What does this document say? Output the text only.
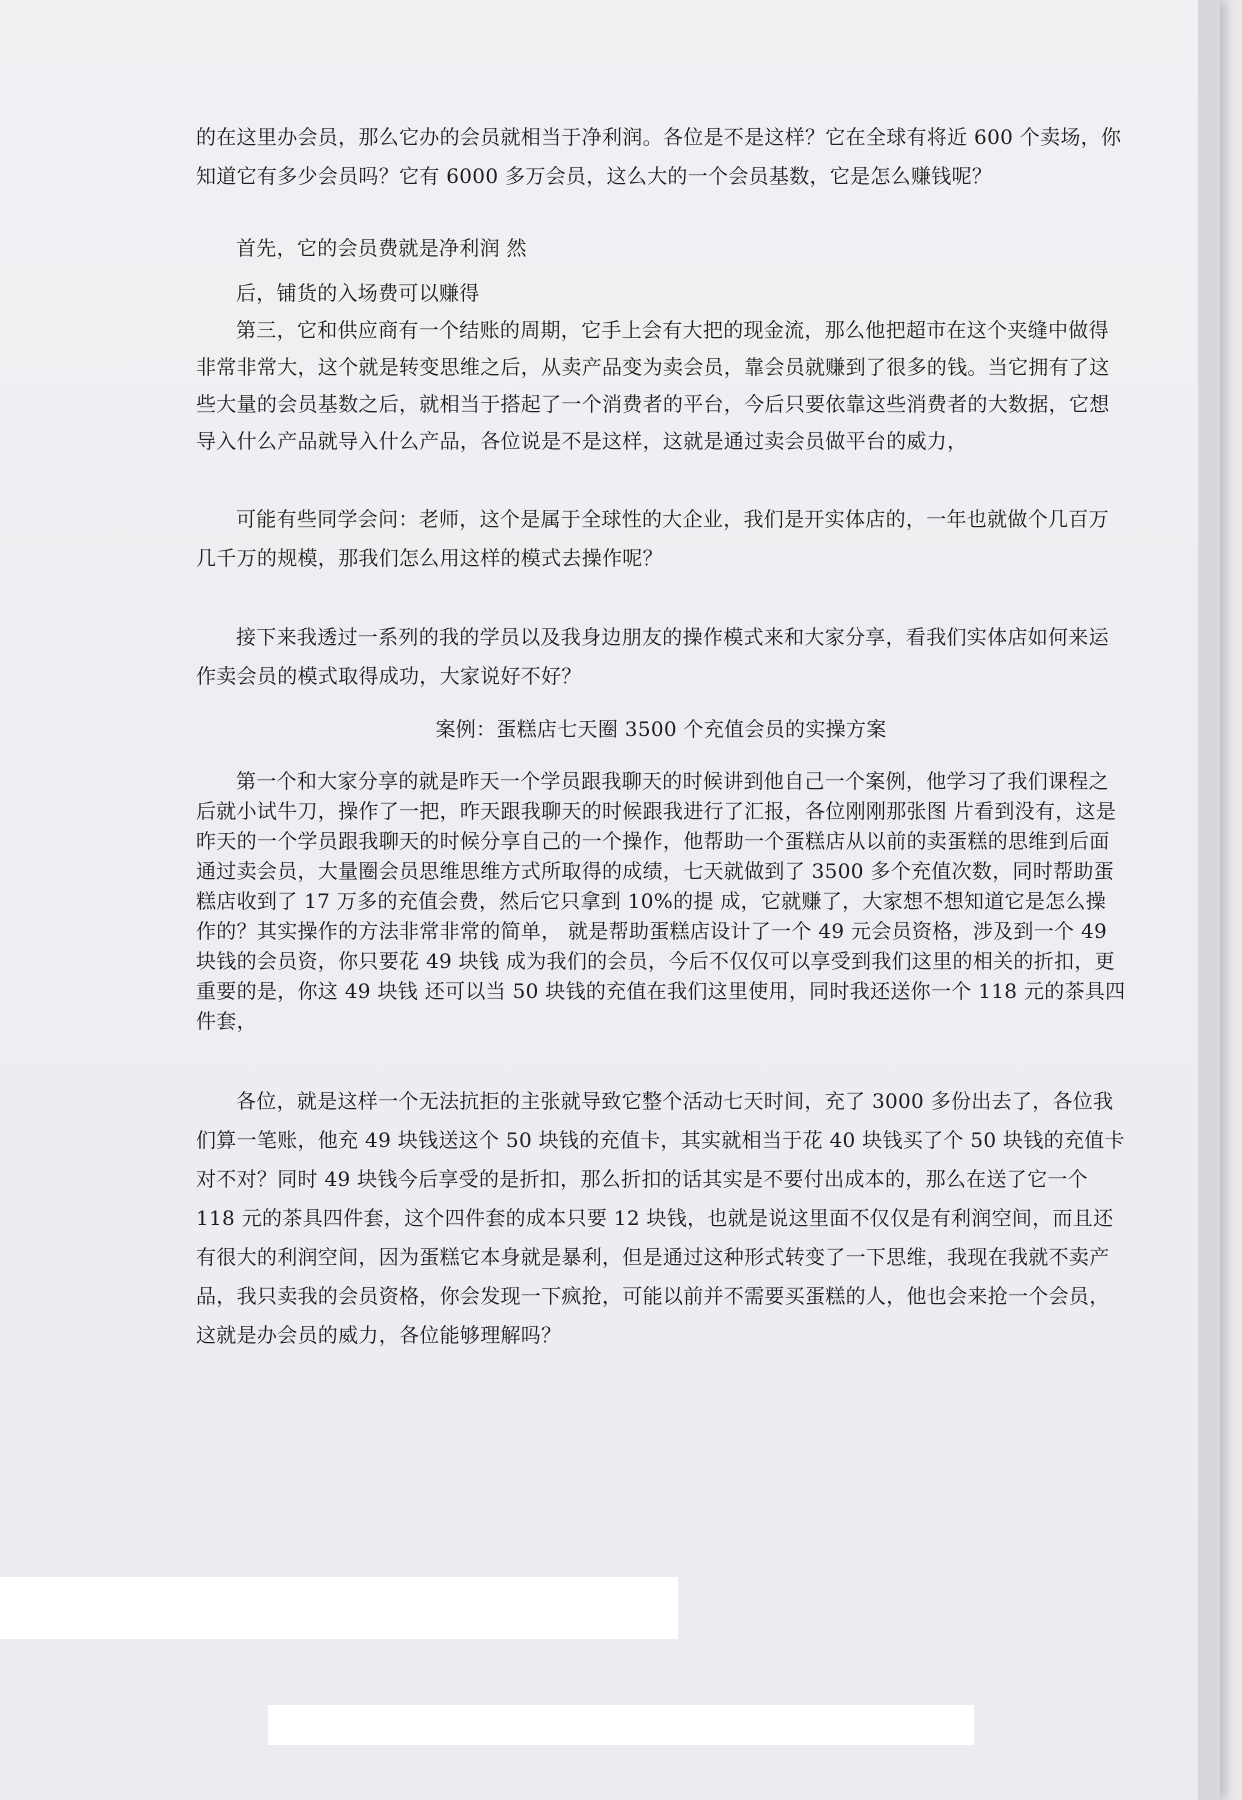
的在这里办会员，那么它办的会员就相当于净利润。各位是不是这样？它在全球有将近 600 个卖场，你知道它有多少会员吗？它有 6000 多万会员，这么大的一个会员基数，它是怎么赚钱呢？

首先，它的会员费就是净利润 然

后，铺货的入场费可以赚得

第三，它和供应商有一个结账的周期，它手上会有大把的现金流，那么他把超市在这个夹缝中做得非常非常大，这个就是转变思维之后，从卖产品变为卖会员，靠会员就赚到了很多的钱。当它拥有了这些大量的会员基数之后，就相当于搭起了一个消费者的平台，今后只要依靠这些消费者的大数据，它想导入什么产品就导入什么产品，各位说是不是这样，这就是通过卖会员做平台的威力，

可能有些同学会问：老师，这个是属于全球性的大企业，我们是开实体店的，一年也就做个几百万几千万的规模，那我们怎么用这样的模式去操作呢？

接下来我透过一系列的我的学员以及我身边朋友的操作模式来和大家分享，看我们实体店如何来运作卖会员的模式取得成功，大家说好不好？

案例：蛋糕店七天圈 3500 个充值会员的实操方案

第一个和大家分享的就是昨天一个学员跟我聊天的时候讲到他自己一个案例，他学习了我们课程之后就小试牛刀，操作了一把，昨天跟我聊天的时候跟我进行了汇报，各位刚刚那张图 片看到没有，这是昨天的一个学员跟我聊天的时候分享自己的一个操作，他帮助一个蛋糕店从以前的卖蛋糕的思维到后面通过卖会员，大量圈会员思维思维方式所取得的成绩，七天就做到了 3500 多个充值次数，同时帮助蛋糕店收到了 17 万多的充值会费，然后它只拿到 10%的提 成，它就赚了，大家想不想知道它是怎么操作的？其实操作的方法非常非常的简单， 就是帮助蛋糕店设计了一个 49 元会员资格，涉及到一个 49 块钱的会员资，你只要花 49 块钱 成为我们的会员，今后不仅仅可以享受到我们这里的相关的折扣，更重要的是，你这 49 块钱 还可以当 50 块钱的充值在我们这里使用，同时我还送你一个 118 元的茶具四件套，

各位，就是这样一个无法抗拒的主张就导致它整个活动七天时间，充了 3000 多份出去了，各位我们算一笔账，他充 49 块钱送这个 50 块钱的充值卡，其实就相当于花 40 块钱买了个 50 块钱的充值卡对不对？同时 49 块钱今后享受的是折扣，那么折扣的话其实是不要付出成本的，那么在送了它一个 118 元的茶具四件套，这个四件套的成本只要 12 块钱，也就是说这里面不仅仅是有利润空间，而且还有很大的利润空间，因为蛋糕它本身就是暴利，但是通过这种形式转变了一下思维，我现在我就不卖产品，我只卖我的会员资格，你会发现一下疯抢，可能以前并不需要买蛋糕的人，他也会来抢一个会员，这就是办会员的威力，各位能够理解吗？
